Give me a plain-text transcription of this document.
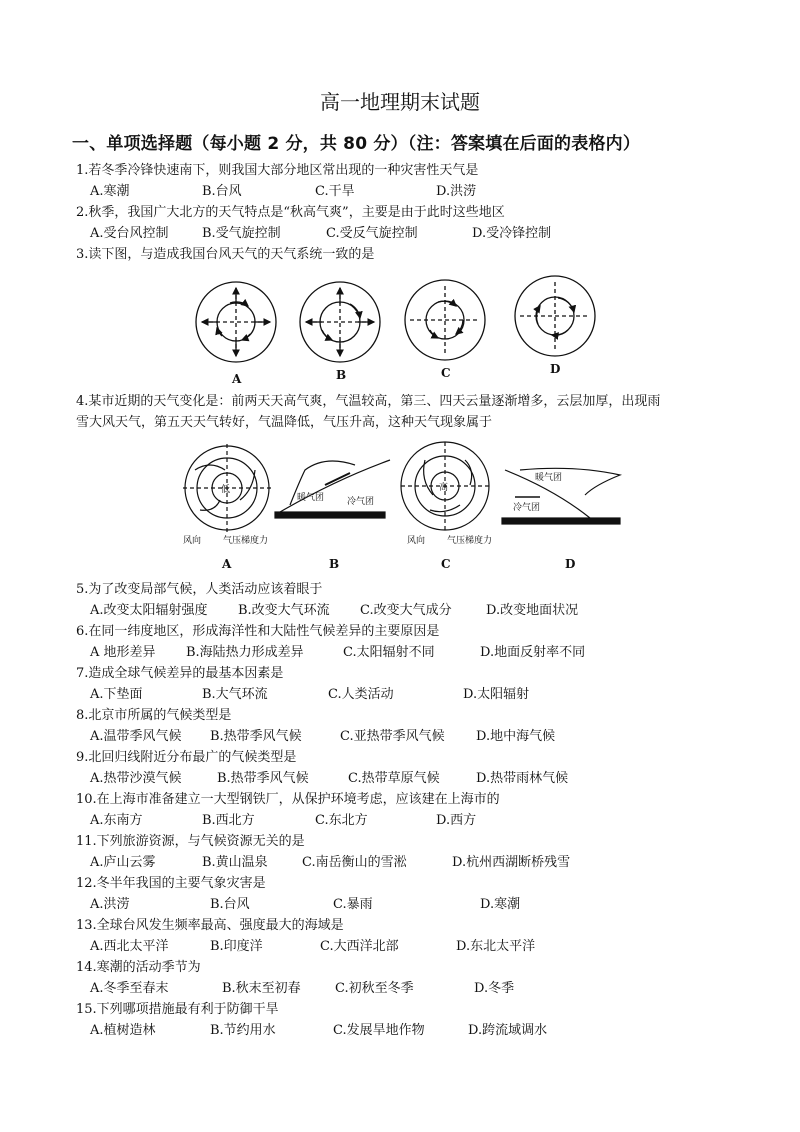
高一地理期末试题
一、单项选择题（每小题 2 分，共 80 分）（注：答案填在后面的表格内）
1.若冬季冷锋快速南下，则我国大部分地区常出现的一种灾害性天气是
A.寒潮	B.台风	C.干旱	D.洪涝
2.秋季，我国广大北方的天气特点是“秋高气爽”，主要是由于此时这些地区
A.受台风控制	B.受气旋控制	C.受反气旋控制	D.受冷锋控制
3.读下图，与造成我国台风天气的天气系统一致的是
A	B	C	D
4.某市近期的天气变化是：前两天天高气爽，气温较高，第三、四天云量逐渐增多，云层加厚，出现雨
雪大风天气，第五天天气转好，气温降低，气压升高，这种天气现象属于
低	高
暖气团	冷气团
暖气团
冷气团
风向 气压梯度力	风向 气压梯度力
A	B	C	D
5.为了改变局部气候，人类活动应该着眼于
A.改变太阳辐射强度 B.改变大气环流 C.改变大气成分	D.改变地面状况
6.在同一纬度地区，形成海洋性和大陆性气候差异的主要原因是
A 地形差异 B.海陆热力形成差异	C.太阳辐射不同	D.地面反射率不同
7.造成全球气候差异的最基本因素是
A.下垫面	B.大气环流	C.人类活动	D.太阳辐射
8.北京市所属的气候类型是
A.温带季风气候 B.热带季风气候	C.亚热带季风气候 D.地中海气候
9.北回归线附近分布最广的气候类型是
A.热带沙漠气候	B.热带季风气候	C.热带草原气候	D.热带雨林气候
10.在上海市准备建立一大型钢铁厂，从保护环境考虑，应该建在上海市的
A.东南方	B.西北方	C.东北方	D.西方
11.下列旅游资源，与气候资源无关的是
A.庐山云雾	B.黄山温泉	C.南岳衡山的雪淞	D.杭州西湖断桥残雪
12.冬半年我国的主要气象灾害是
A.洪涝	B.台风	C.暴雨	D.寒潮
13.全球台风发生频率最高、强度最大的海域是
A.西北太平洋	B.印度洋	C.大西洋北部	D.东北太平洋
14.寒潮的活动季节为
A.冬季至春末	B.秋末至初春	C.初秋至冬季	D.冬季
15.下列哪项措施最有利于防御干旱
A.植树造林	B.节约用水	C.发展旱地作物	D.跨流域调水
